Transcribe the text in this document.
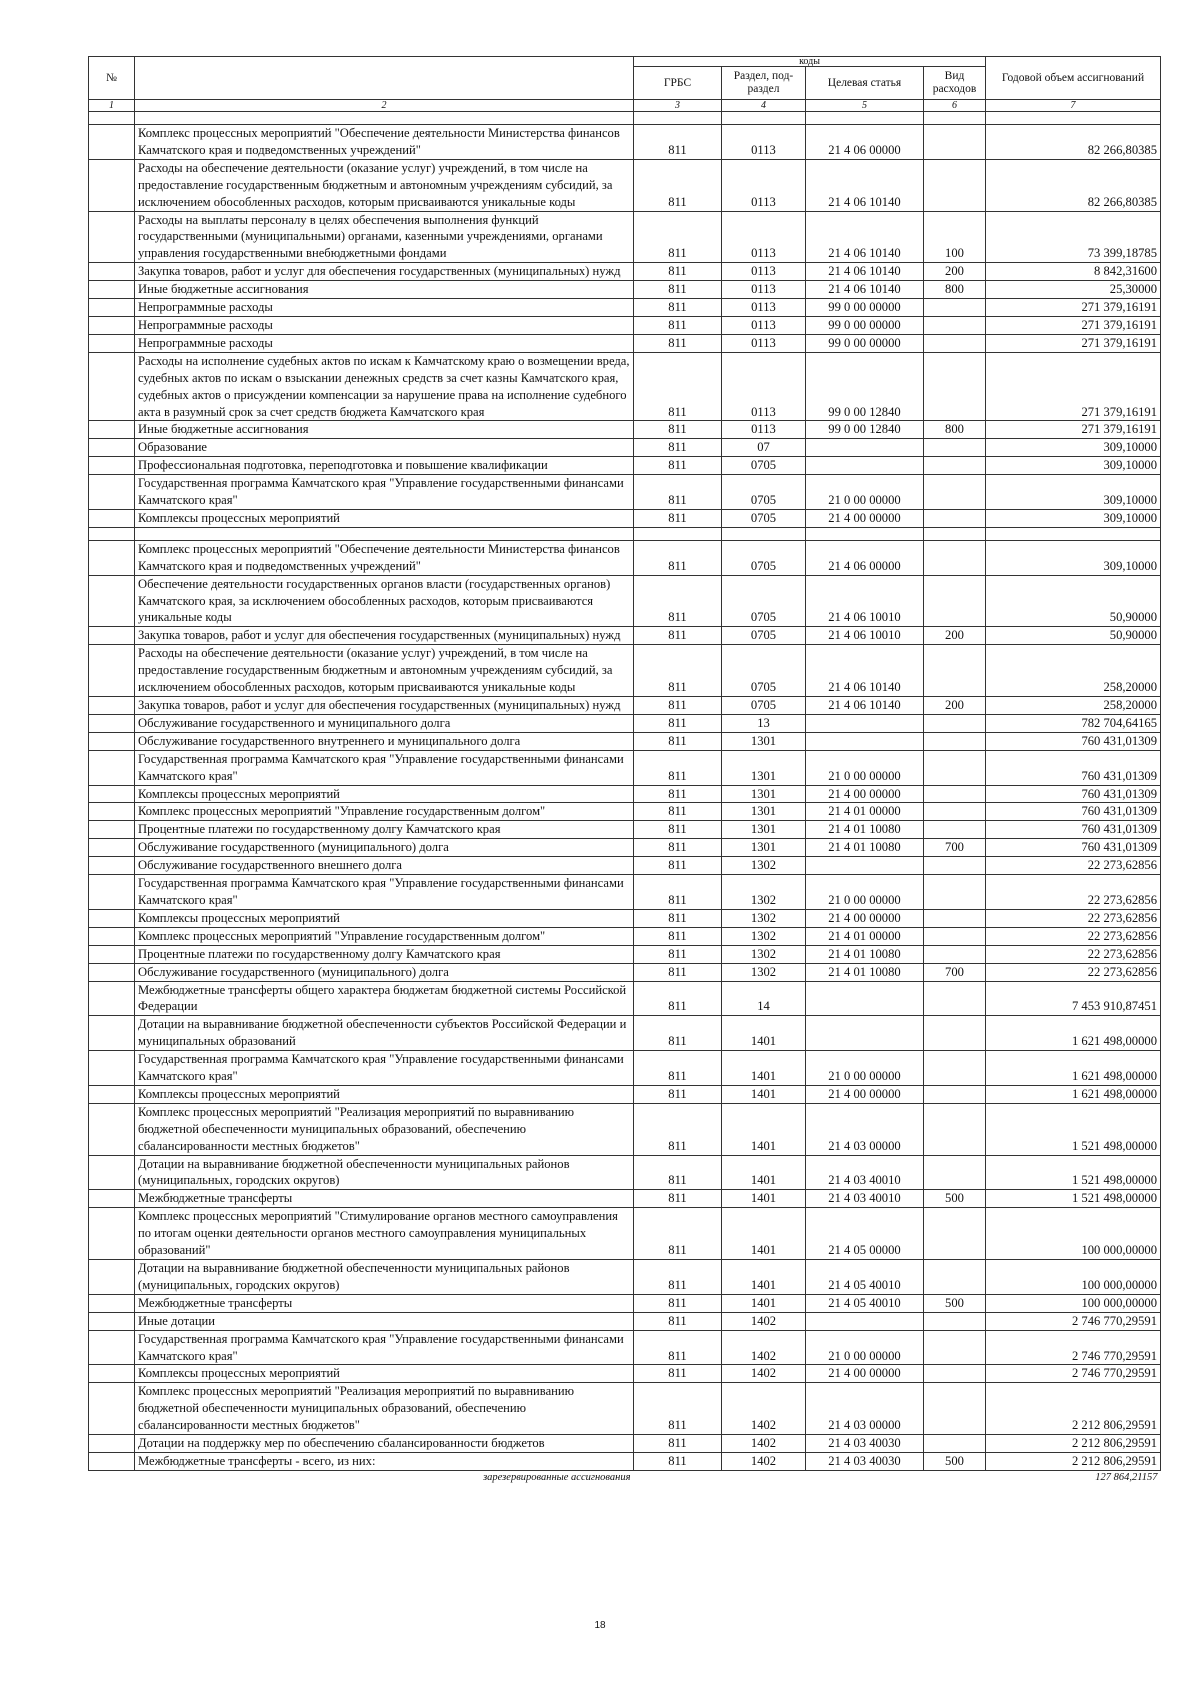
№		коды				Годовой объем ассигнований
		ГРБС	Раздел, под-раздел	Целевая статья	Вид расходов	
1	2	3	4	5	6	7

	Комплекс процессных мероприятий "Обеспечение деятельности Министерства финансов Камчатского края и подведомственных учреждений"	811	0113	21 4 06 00000		82 266,80385
	Расходы на обеспечение деятельности (оказание услуг) учреждений, в том числе на предоставление государственным бюджетным и автономным учреждениям субсидий, за исключением обособленных расходов, которым присваиваются уникальные коды	811	0113	21 4 06 10140		82 266,80385
	Расходы на выплаты персоналу в целях обеспечения выполнения функций государственными (муниципальными) органами, казенными учреждениями, органами управления государственными внебюджетными фондами	811	0113	21 4 06 10140	100	73 399,18785
	Закупка товаров, работ и услуг для обеспечения государственных (муниципальных) нужд	811	0113	21 4 06 10140	200	8 842,31600
	Иные бюджетные ассигнования	811	0113	21 4 06 10140	800	25,30000
	Непрограммные расходы	811	0113	99 0 00 00000		271 379,16191
	Непрограммные расходы	811	0113	99 0 00 00000		271 379,16191
	Непрограммные расходы	811	0113	99 0 00 00000		271 379,16191
	Расходы на исполнение судебных актов по искам к Камчатскому краю о возмещении вреда, судебных актов по искам о взыскании денежных средств за счет казны Камчатского края, судебных актов о присуждении компенсации за нарушение права на исполнение судебного акта в разумный срок за счет средств бюджета Камчатского края	811	0113	99 0 00 12840		271 379,16191
	Иные бюджетные ассигнования	811	0113	99 0 00 12840	800	271 379,16191
	Образование	811	07			309,10000
	Профессиональная подготовка, переподготовка и повышение квалификации	811	0705			309,10000
	Государственная программа Камчатского края "Управление государственными финансами Камчатского края"	811	0705	21 0 00 00000		309,10000
	Комплексы процессных мероприятий	811	0705	21 4 00 00000		309,10000

	Комплекс процессных мероприятий "Обеспечение деятельности Министерства финансов Камчатского края и подведомственных учреждений"	811	0705	21 4 06 00000		309,10000
	Обеспечение деятельности государственных органов власти (государственных органов) Камчатского края, за исключением обособленных расходов, которым присваиваются уникальные коды	811	0705	21 4 06 10010		50,90000
	Закупка товаров, работ и услуг для обеспечения государственных (муниципальных) нужд	811	0705	21 4 06 10010	200	50,90000
	Расходы на обеспечение деятельности (оказание услуг) учреждений, в том числе на предоставление государственным бюджетным и автономным учреждениям субсидий, за исключением обособленных расходов, которым присваиваются уникальные коды	811	0705	21 4 06 10140		258,20000
	Закупка товаров, работ и услуг для обеспечения государственных (муниципальных) нужд	811	0705	21 4 06 10140	200	258,20000
	Обслуживание государственного и муниципального долга	811	13			782 704,64165
	Обслуживание государственного внутреннего и муниципального долга	811	1301			760 431,01309
	Государственная программа Камчатского края "Управление государственными финансами Камчатского края"	811	1301	21 0 00 00000		760 431,01309
	Комплексы процессных мероприятий	811	1301	21 4 00 00000		760 431,01309
	Комплекс процессных мероприятий "Управление государственным долгом"	811	1301	21 4 01 00000		760 431,01309
	Процентные платежи по государственному долгу Камчатского края	811	1301	21 4 01 10080		760 431,01309
	Обслуживание государственного (муниципального) долга	811	1301	21 4 01 10080	700	760 431,01309
	Обслуживание государственного внешнего долга	811	1302			22 273,62856
	Государственная программа Камчатского края "Управление государственными финансами Камчатского края"	811	1302	21 0 00 00000		22 273,62856
	Комплексы процессных мероприятий	811	1302	21 4 00 00000		22 273,62856
	Комплекс процессных мероприятий "Управление государственным долгом"	811	1302	21 4 01 00000		22 273,62856
	Процентные платежи по государственному долгу Камчатского края	811	1302	21 4 01 10080		22 273,62856
	Обслуживание государственного (муниципального) долга	811	1302	21 4 01 10080	700	22 273,62856
	Межбюджетные трансферты общего характера бюджетам бюджетной системы Российской Федерации	811	14			7 453 910,87451
	Дотации на выравнивание бюджетной обеспеченности субъектов Российской Федерации и муниципальных образований	811	1401			1 621 498,00000
	Государственная программа Камчатского края "Управление государственными финансами Камчатского края"	811	1401	21 0 00 00000		1 621 498,00000
	Комплексы процессных мероприятий	811	1401	21 4 00 00000		1 621 498,00000
	Комплекс процессных мероприятий "Реализация мероприятий по выравниванию бюджетной обеспеченности муниципальных образований, обеспечению сбалансированности местных бюджетов"	811	1401	21 4 03 00000		1 521 498,00000
	Дотации на выравнивание бюджетной обеспеченности муниципальных районов (муниципальных, городских округов)	811	1401	21 4 03 40010		1 521 498,00000
	Межбюджетные трансферты	811	1401	21 4 03 40010	500	1 521 498,00000
	Комплекс процессных мероприятий "Стимулирование органов местного самоуправления по итогам оценки деятельности органов местного самоуправления муниципальных образований"	811	1401	21 4 05 00000		100 000,00000
	Дотации на выравнивание бюджетной обеспеченности муниципальных районов (муниципальных, городских округов)	811	1401	21 4 05 40010		100 000,00000
	Межбюджетные трансферты	811	1401	21 4 05 40010	500	100 000,00000
	Иные дотации	811	1402			2 746 770,29591
	Государственная программа Камчатского края "Управление государственными финансами Камчатского края"	811	1402	21 0 00 00000		2 746 770,29591
	Комплексы процессных мероприятий	811	1402	21 4 00 00000		2 746 770,29591
	Комплекс процессных мероприятий "Реализация мероприятий по выравниванию бюджетной обеспеченности муниципальных образований, обеспечению сбалансированности местных бюджетов"	811	1402	21 4 03 00000		2 212 806,29591
	Дотации на поддержку мер по обеспечению сбалансированности бюджетов	811	1402	21 4 03 40030		2 212 806,29591
	Межбюджетные трансферты - всего, из них:	811	1402	21 4 03 40030	500	2 212 806,29591
	зарезервированные ассигнования					127 864,21157
18
